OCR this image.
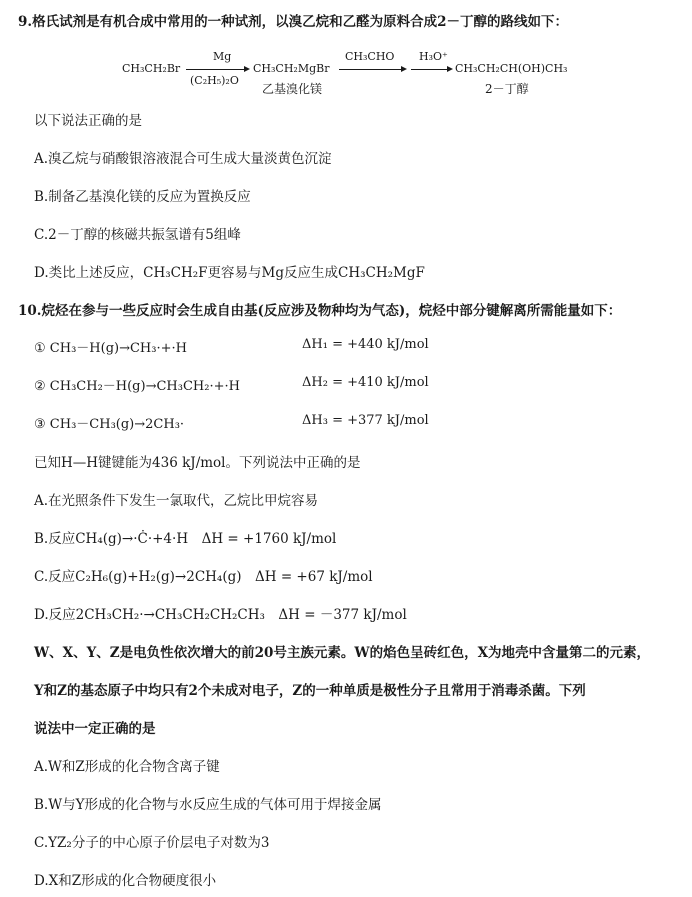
9.格氏试剂是有机合成中常用的一种试剂，以溴乙烷和乙醛为原料合成2－丁醇的路线如下：
CH₃CH₂Br
Mg
(C₂H₅)₂O
CH₃CH₂MgBr
乙基溴化镁
CH₃CHO H₃O⁺
CH₃CH₂CH(OH)CH₃
2－丁醇
以下说法正确的是
A.溴乙烷与硝酸银溶液混合可生成大量淡黄色沉淀
B.制备乙基溴化镁的反应为置换反应
C.2－丁醇的核磁共振氢谱有5组峰
D.类比上述反应，CH₃CH₂F更容易与Mg反应生成CH₃CH₂MgF
10.烷烃在参与一些反应时会生成自由基(反应涉及物种均为气态)，烷烃中部分键解离所需能量如下：
① CH₃－H(g)→CH₃·+·H	ΔH₁ = +440 kJ/mol
② CH₃CH₂－H(g)→CH₃CH₂·+·H	ΔH₂ = +410 kJ/mol
③ CH₃－CH₃(g)→2CH₃·	ΔH₃ = +377 kJ/mol
已知H—H键键能为436 kJ/mol。下列说法中正确的是
A.在光照条件下发生一氯取代，乙烷比甲烷容易
B.反应CH₄(g)→·Ċ·+4·H　ΔH = +1760 kJ/mol
C.反应C₂H₆(g)+H₂(g)→2CH₄(g)　ΔH = +67 kJ/mol
D.反应2CH₃CH₂·→CH₃CH₂CH₂CH₃　ΔH = －377 kJ/mol
W、X、Y、Z是电负性依次增大的前20号主族元素。W的焰色呈砖红色，X为地壳中含量第二的元素，
Y和Z的基态原子中均只有2个未成对电子，Z的一种单质是极性分子且常用于消毒杀菌。下列
说法中一定正确的是
A.W和Z形成的化合物含离子键
B.W与Y形成的化合物与水反应生成的气体可用于焊接金属
C.YZ₂分子的中心原子价层电子对数为3
D.X和Z形成的化合物硬度很小
